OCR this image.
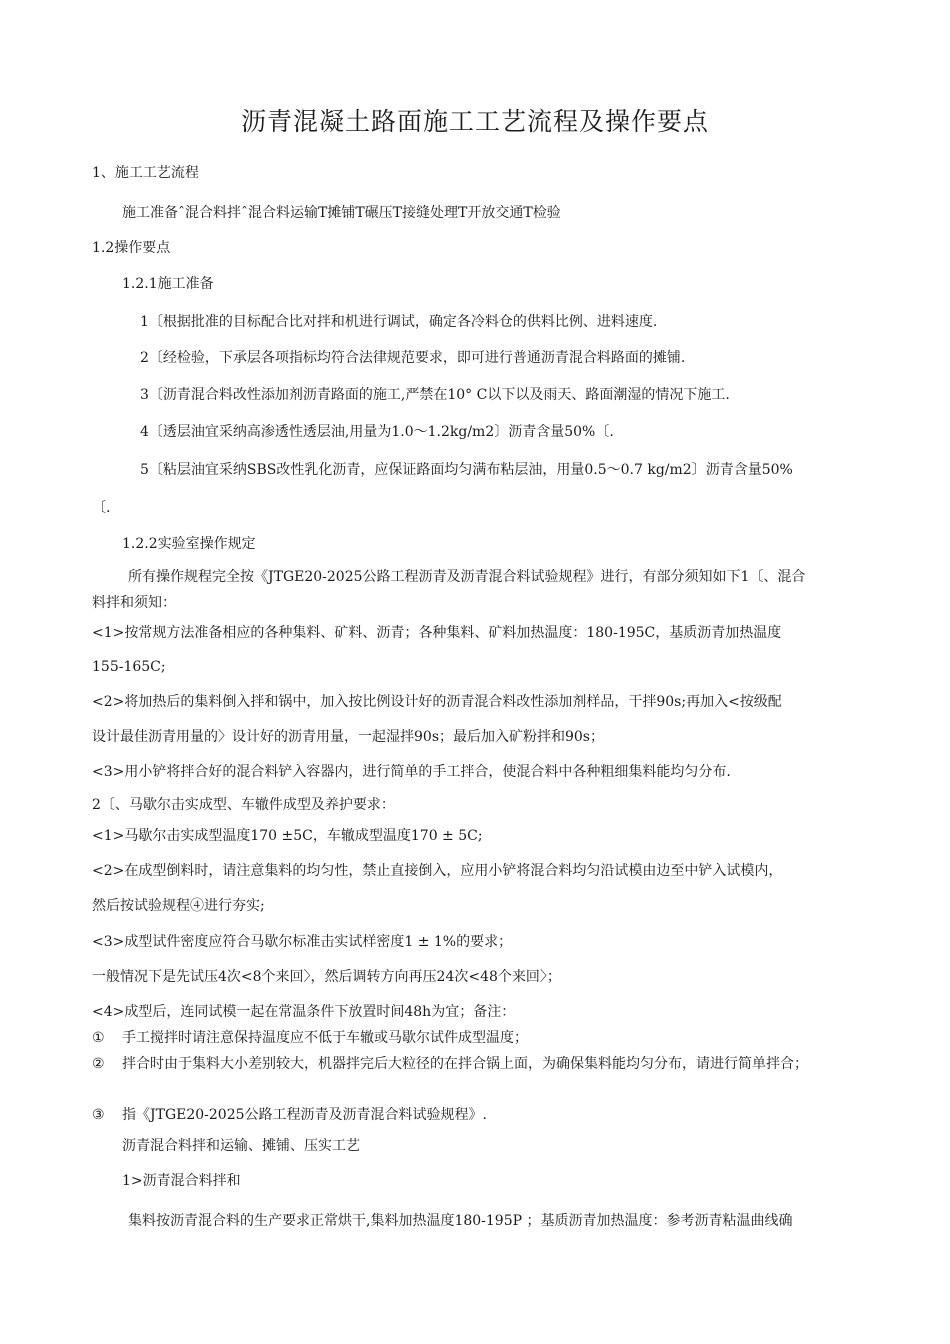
沥青混凝土路面施工工艺流程及操作要点
1、施工工艺流程
施工准备ˆ混合料拌ˆ混合料运输T摊铺T碾压T接缝处理T开放交通T检验
1.2操作要点
1.2.1施工准备
1〔根据批准的目标配合比对拌和机进行调试，确定各冷料仓的供料比例、进料速度.
2〔经检验，下承层各项指标均符合法律规范要求，即可进行普通沥青混合料路面的摊铺.
3〔沥青混合料改性添加剂沥青路面的施工,严禁在10° C以下以及雨天、路面潮湿的情况下施工.
4〔透层油宜采纳高渗透性透层油,用量为1.0〜1.2kg/m2〕沥青含量50%〔.
5〔粘层油宜采纳SBS改性乳化沥青，应保证路面均匀满布粘层油，用量0.5〜0.7 kg/m2〕沥青含量50%
〔.
1.2.2实验室操作规定
所有操作规程完全按《JTGE20-2025公路工程沥青及沥青混合料试验规程》进行，有部分须知如下1〔、混合
料拌和须知：
<1>按常规方法准备相应的各种集料、矿料、沥青；各种集料、矿料加热温度：180-195C，基质沥青加热温度
155-165C;
<2>将加热后的集料倒入拌和锅中，加入按比例设计好的沥青混合料改性添加剂样品，干拌90s;再加入<按级配
设计最佳沥青用量的〉设计好的沥青用量，一起湿拌90s；最后加入矿粉拌和90s；
<3>用小铲将拌合好的混合料铲入容器内，进行简单的手工拌合，使混合料中各种粗细集料能均匀分布.
2〔、马歇尔击实成型、车辙件成型及养护要求：
<1>马歇尔击实成型温度170 ±5C，车辙成型温度170 ± 5C;
<2>在成型倒料时，请注意集料的均匀性，禁止直接倒入，应用小铲将混合料均匀沿试模由边至中铲入试模内，
然后按试验规程④进行夯实;
<3>成型试件密度应符合马歇尔标准击实试样密度1 ± 1%的要求；
一般情况下是先试压4次<8个来回〉，然后调转方向再压24次<48个来回〉；
<4>成型后，连同试模一起在常温条件下放置时间48h为宜；备注：
① 手工搅拌时请注意保持温度应不低于车辙或马歇尔试件成型温度；
② 拌合时由于集料大小差别较大，机器拌完后大粒径的在拌合锅上面，为确保集料能均匀分布，请进行简单拌合；
③ 指《JTGE20-2025公路工程沥青及沥青混合料试验规程》.
沥青混合料拌和运输、摊铺、压实工艺
1>沥青混合料拌和
集料按沥青混合料的生产要求正常烘干,集料加热温度180-195P ；基质沥青加热温度：参考沥青粘温曲线确
